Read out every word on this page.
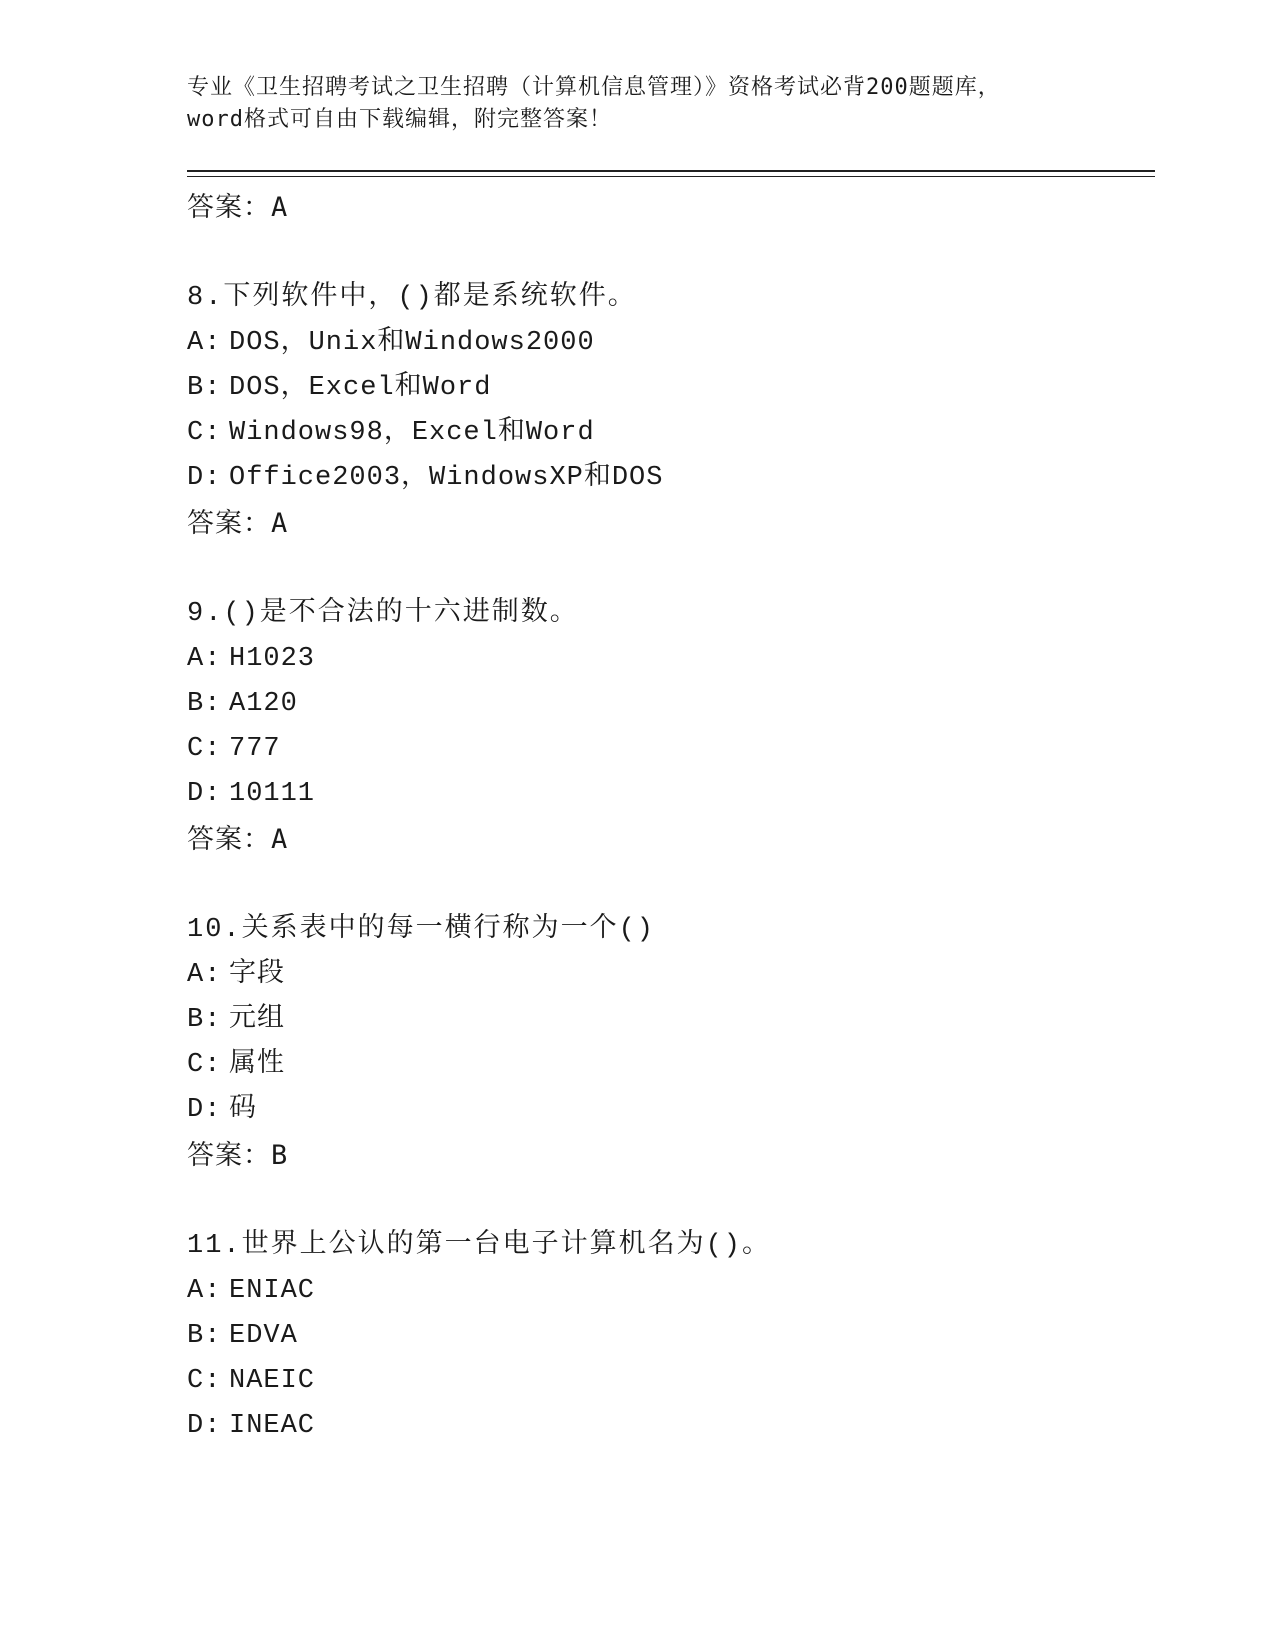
专业《卫生招聘考试之卫生招聘（计算机信息管理）》资格考试必背200题题库，
word格式可自由下载编辑，附完整答案！
答案：A
8.下列软件中，()都是系统软件。
A: DOS，Unix和Windows2000
B: DOS，Excel和Word
C: Windows98，Excel和Word
D: Office2003，WindowsXP和DOS
答案：A
9.()是不合法的十六进制数。
A: H1023
B: A120
C: 777
D: 10111
答案：A
10.关系表中的每一横行称为一个()
A: 字段
B: 元组
C: 属性
D: 码
答案：B
11.世界上公认的第一台电子计算机名为()。
A: ENIAC
B: EDVA
C: NAEIC
D: INEAC
